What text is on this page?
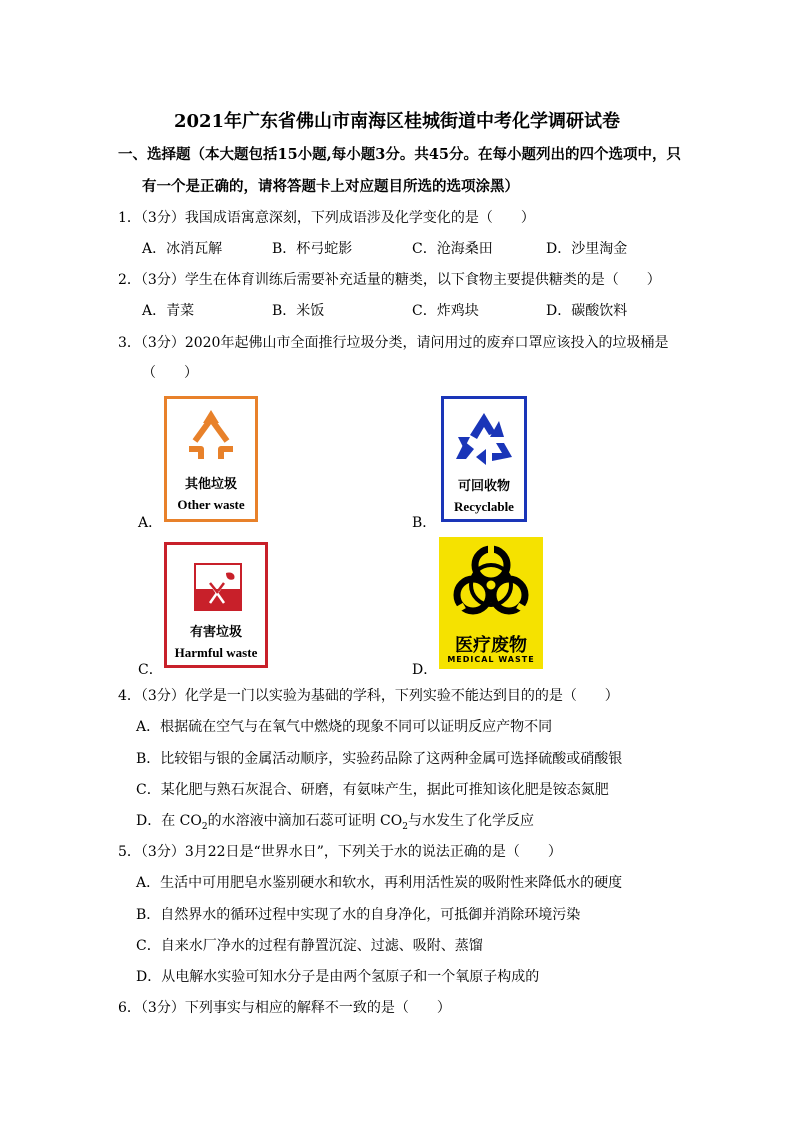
2021年广东省佛山市南海区桂城街道中考化学调研试卷
一、选择题（本大题包括15小题,每小题3分。共45分。在每小题列出的四个选项中，只
有一个是正确的，请将答题卡上对应题目所选的选项涂黑）
1．（3分）我国成语寓意深刻，下列成语涉及化学变化的是（　　）
A．冰消瓦解	B．杯弓蛇影	C．沧海桑田	D．沙里淘金
2．（3分）学生在体育训练后需要补充适量的糖类，以下食物主要提供糖类的是（　　）
A．青菜	B．米饭	C．炸鸡块	D．碳酸饮料
3．（3分）2020年起佛山市全面推行垃圾分类，请问用过的废弃口罩应该投入的垃圾桶是
（　　）
其他垃圾
Other waste
A．
可回收物
Recyclable
B．
有害垃圾
Harmful waste
C．
医疗废物
MEDICAL WASTE
D．
4．（3分）化学是一门以实验为基础的学科，下列实验不能达到目的的是（　　）
A．根据硫在空气与在氧气中燃烧的现象不同可以证明反应产物不同
B．比较铝与银的金属活动顺序，实验药品除了这两种金属可选择硫酸或硝酸银
C．某化肥与熟石灰混合、研磨，有氨味产生，据此可推知该化肥是铵态氮肥
D．在 $CO_2$的水溶液中滴加石蕊可证明 $CO_2$与水发生了化学反应
5．（3分）3月22日是“世界水日”，下列关于水的说法正确的是（　　）
A．生活中可用肥皂水鉴别硬水和软水，再利用活性炭的吸附性来降低水的硬度
B．自然界水的循环过程中实现了水的自身净化，可抵御并消除环境污染
C．自来水厂净水的过程有静置沉淀、过滤、吸附、蒸馏
D．从电解水实验可知水分子是由两个氢原子和一个氧原子构成的
6．（3分）下列事实与相应的解释不一致的是（　　）
